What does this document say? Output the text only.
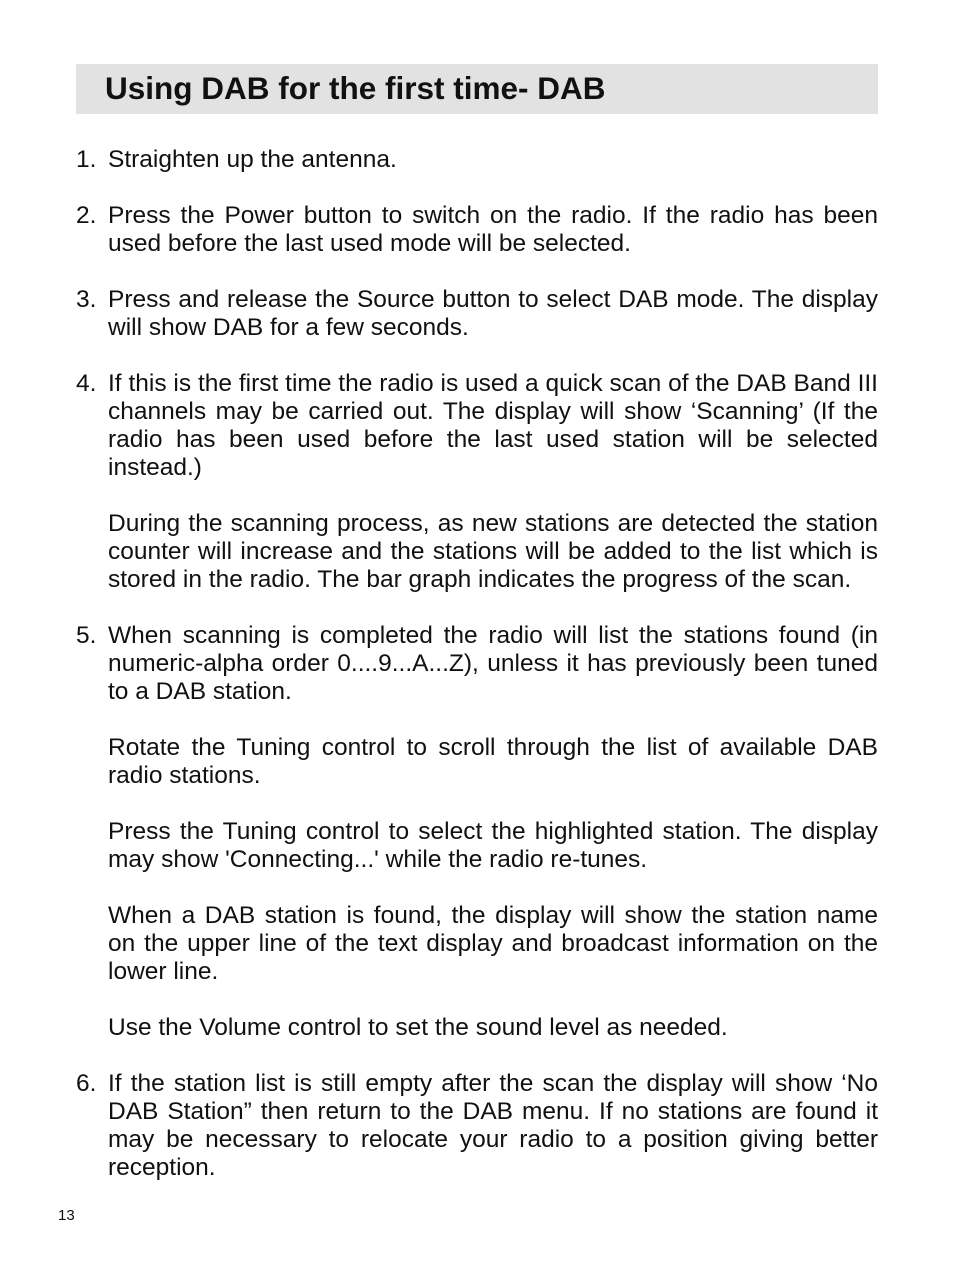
Using DAB for the first time- DAB
1. Straighten up the antenna.

2. Press the Power button to switch on the radio. If the radio has been used before the last used mode will be selected.

3. Press and release the Source button to select DAB mode. The display will show DAB for a few seconds.

4. If this is the first time the radio is used a quick scan of the DAB Band III channels may be carried out. The display will show ‘Scanning’ (If the radio has been used before the last used station will be selected instead.)

During the scanning process, as new stations are detected the station counter will increase and the stations will be added to the list which is stored in the radio. The bar graph indicates the progress of the scan.

5. When scanning is completed the radio will list the stations found (in numeric-alpha order 0....9...A...Z), unless it has previously been tuned to a DAB station.

Rotate the Tuning control to scroll through the list of available DAB radio stations.

Press the Tuning control to select the highlighted station. The display may show 'Connecting...' while the radio re-tunes.

When a DAB station is found, the display will show the station name on the upper line of the text display and broadcast information on the lower line.

Use the Volume control to set the sound level as needed.

6. If the station list is still empty after the scan the display will show ‘No DAB Station” then return to the DAB menu. If no stations are found it may be necessary to relocate your radio to a position giving better reception.

13
